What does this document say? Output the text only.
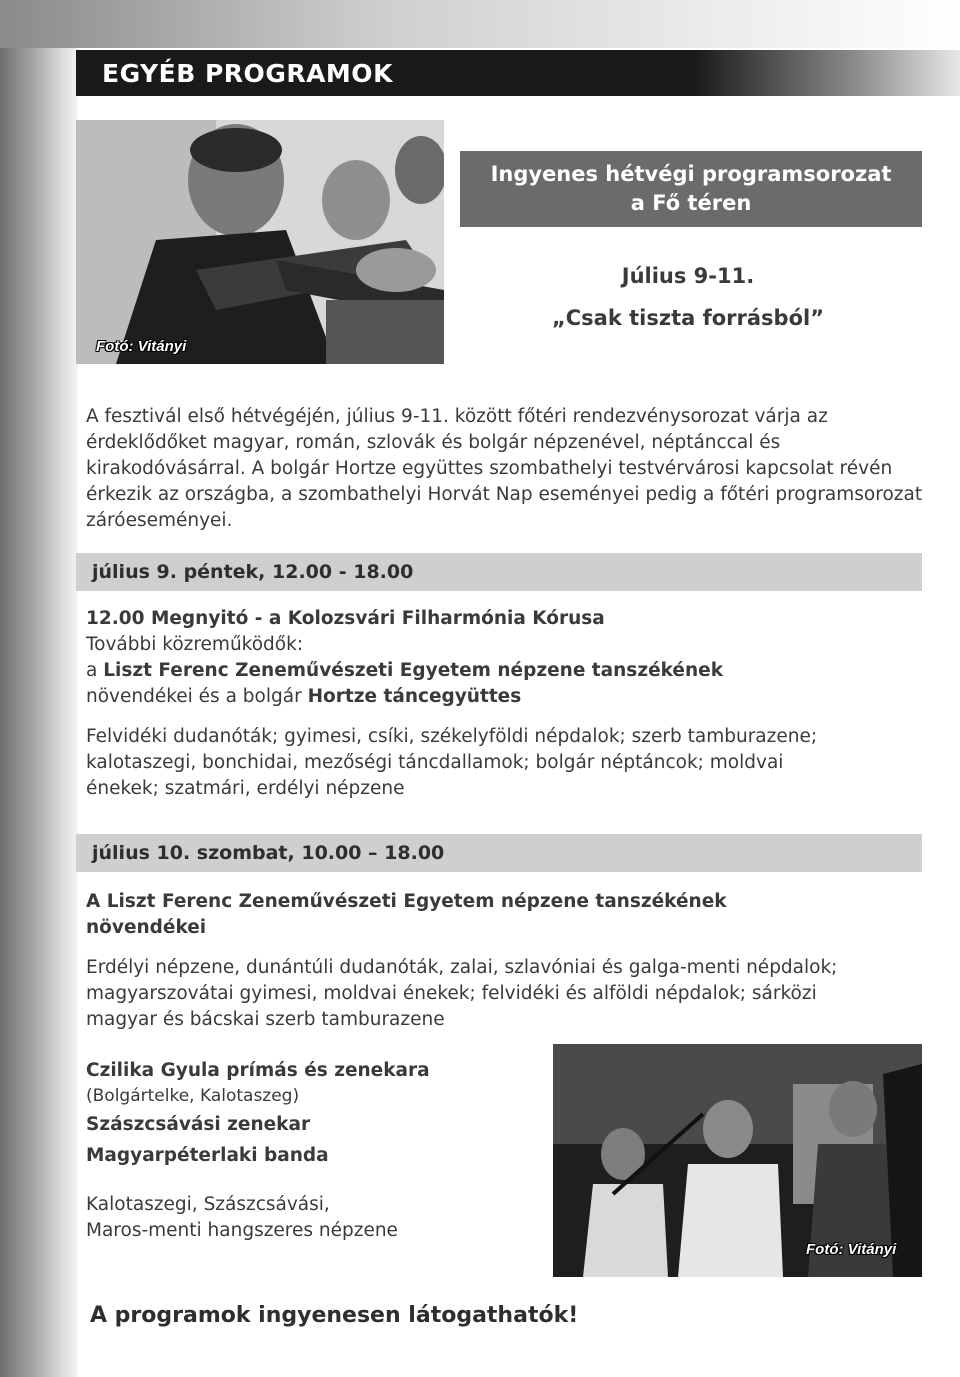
EGYÉB PROGRAMOK
Fotó: Vitányi
Ingyenes hétvégi programsorozat
a Fő téren
Július 9-11.
„Csak tiszta forrásból”
A fesztivál első hétvégéjén, július 9-11. között főtéri rendezvénysorozat várja az érdeklődőket magyar, román, szlovák és bolgár népzenével, néptánccal és kirakodóvásárral. A bolgár Hortze együttes szombathelyi testvérvárosi kapcsolat révén érkezik az országba, a szombathelyi Horvát Nap eseményei pedig a főtéri programsorozat záróeseményei.
július 9. péntek, 12.00 - 18.00
12.00 Megnyitó - a Kolozsvári Filharmónia Kórusa
További közreműködők:
a Liszt Ferenc Zeneművészeti Egyetem népzene tanszékének
növendékei és a bolgár Hortze táncegyüttes
Felvidéki dudanóták; gyimesi, csíki, székelyföldi népdalok; szerb tamburazene; kalotaszegi, bonchidai, mezőségi táncdallamok; bolgár néptáncok; moldvai énekek; szatmári, erdélyi népzene
július 10. szombat, 10.00 – 18.00
A Liszt Ferenc Zeneművészeti Egyetem népzene tanszékének
növendékei
Erdélyi népzene, dunántúli dudanóták, zalai, szlavóniai és galga-menti népdalok; magyarszovátai gyimesi, moldvai énekek; felvidéki és alföldi népdalok; sárközi magyar és bácskai szerb tamburazene
Czilika Gyula prímás és zenekara
(Bolgártelke, Kalotaszeg)
Szászcsávási zenekar
Magyarpéterlaki banda
Kalotaszegi, Szászcsávási,
Maros-menti hangszeres népzene
Fotó: Vitányi
A programok ingyenesen látogathatók!
